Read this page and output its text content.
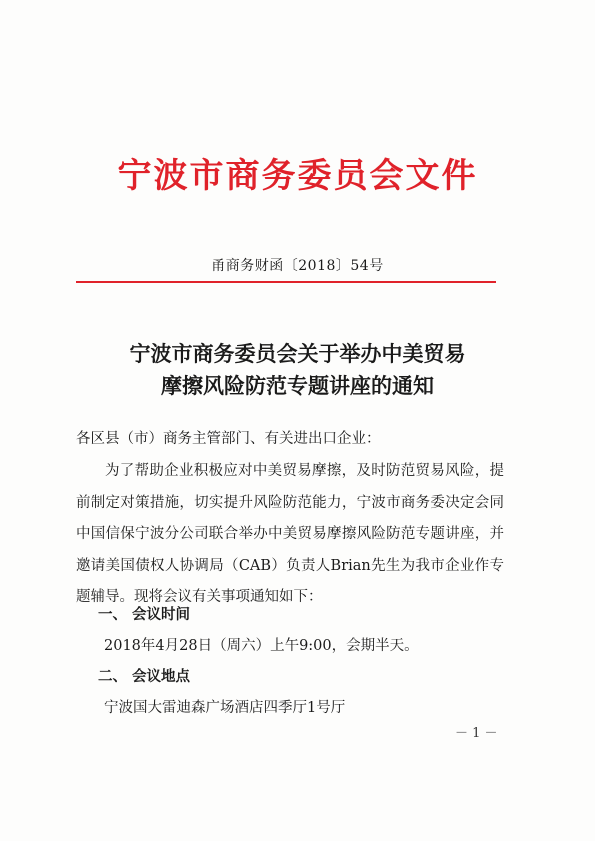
宁波市商务委员会文件
甬商务财函〔2018〕54号
宁波市商务委员会关于举办中美贸易
摩擦风险防范专题讲座的通知
各区县（市）商务主管部门、有关进出口企业：
为了帮助企业积极应对中美贸易摩擦，及时防范贸易风险，提前制定对策措施，切实提升风险防范能力，宁波市商务委决定会同中国信保宁波分公司联合举办中美贸易摩擦风险防范专题讲座，并邀请美国债权人协调局（CAB）负责人Brian先生为我市企业作专题辅导。现将会议有关事项通知如下：
一、 会议时间
2018年4月28日（周六）上午9:00，会期半天。
二、 会议地点
宁波国大雷迪森广场酒店四季厅1号厅
－ 1 －
